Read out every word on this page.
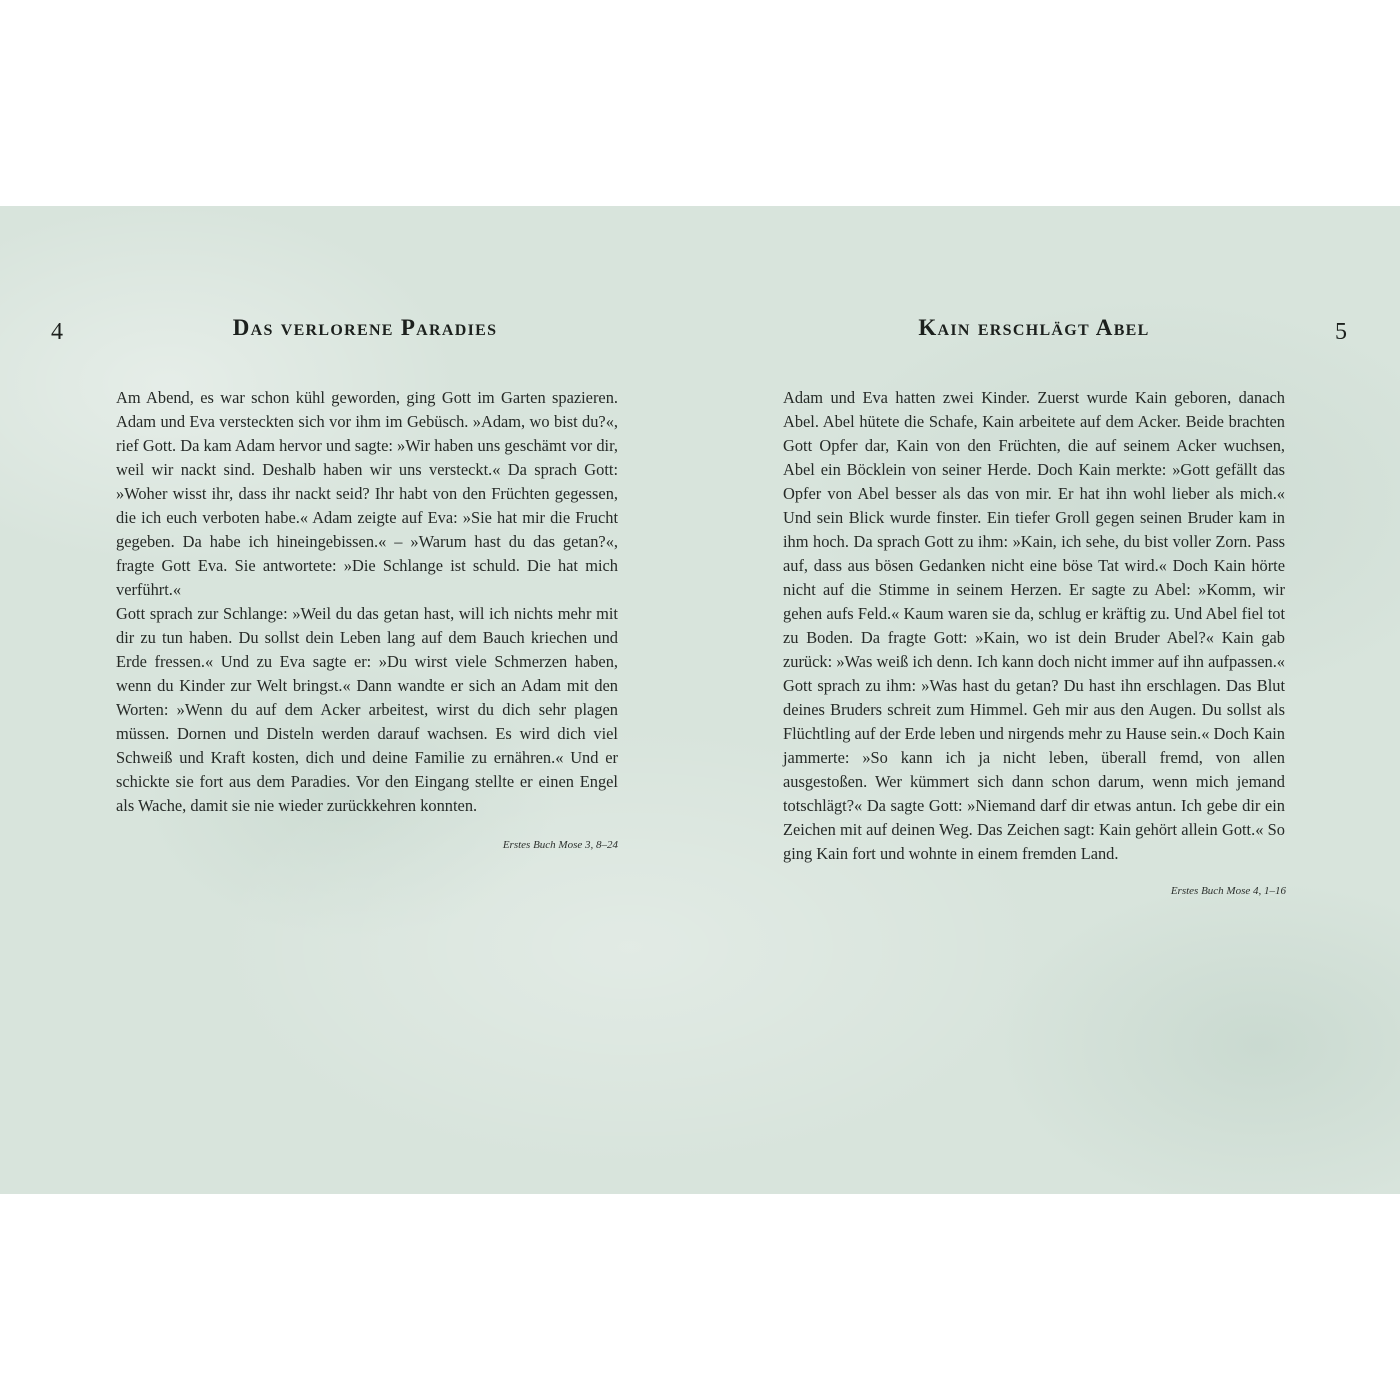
4	Das verlorene Paradies

Am Abend, es war schon kühl geworden, ging Gott im Garten spazieren. Adam und Eva versteckten sich vor ihm im Gebüsch. »Adam, wo bist du?«, rief Gott. Da kam Adam hervor und sagte: »Wir haben uns geschämt vor dir, weil wir nackt sind. Deshalb haben wir uns versteckt.« Da sprach Gott: »Woher wisst ihr, dass ihr nackt seid? Ihr habt von den Früchten gegessen, die ich euch verboten habe.« Adam zeigte auf Eva: »Sie hat mir die Frucht gegeben. Da habe ich hineingebissen.« – »Warum hast du das getan?«, fragte Gott Eva. Sie antwortete: »Die Schlange ist schuld. Die hat mich verführt.«

Gott sprach zur Schlange: »Weil du das getan hast, will ich nichts mehr mit dir zu tun haben. Du sollst dein Leben lang auf dem Bauch kriechen und Erde fressen.« Und zu Eva sagte er: »Du wirst viele Schmerzen haben, wenn du Kinder zur Welt bringst.« Dann wandte er sich an Adam mit den Worten: »Wenn du auf dem Acker arbeitest, wirst du dich sehr plagen müssen. Dornen und Disteln werden darauf wachsen. Es wird dich viel Schweiß und Kraft kosten, dich und deine Familie zu ernähren.« Und er schickte sie fort aus dem Paradies. Vor den Eingang stellte er einen Engel als Wache, damit sie nie wieder zurückkehren konnten.

Erstes Buch Mose 3, 8–24
5
Kain erschlägt Abel

Adam und Eva hatten zwei Kinder. Zuerst wurde Kain geboren, danach Abel. Abel hütete die Schafe, Kain arbeitete auf dem Acker. Beide brachten Gott Opfer dar, Kain von den Früchten, die auf seinem Acker wuchsen, Abel ein Böcklein von seiner Herde. Doch Kain merkte: »Gott gefällt das Opfer von Abel besser als das von mir. Er hat ihn wohl lieber als mich.« Und sein Blick wurde finster. Ein tiefer Groll gegen seinen Bruder kam in ihm hoch. Da sprach Gott zu ihm: »Kain, ich sehe, du bist voller Zorn. Pass auf, dass aus bösen Gedanken nicht eine böse Tat wird.« Doch Kain hörte nicht auf die Stimme in seinem Herzen. Er sagte zu Abel: »Komm, wir gehen aufs Feld.« Kaum waren sie da, schlug er kräftig zu. Und Abel fiel tot zu Boden. Da fragte Gott: »Kain, wo ist dein Bruder Abel?« Kain gab zurück: »Was weiß ich denn. Ich kann doch nicht immer auf ihn aufpassen.« Gott sprach zu ihm: »Was hast du getan? Du hast ihn erschlagen. Das Blut deines Bruders schreit zum Himmel. Geh mir aus den Augen. Du sollst als Flüchtling auf der Erde leben und nirgends mehr zu Hause sein.« Doch Kain jammerte: »So kann ich ja nicht leben, überall fremd, von allen ausgestoßen. Wer kümmert sich dann schon darum, wenn mich jemand totschlägt?« Da sagte Gott: »Niemand darf dir etwas antun. Ich gebe dir ein Zeichen mit auf deinen Weg. Das Zeichen sagt: Kain gehört allein Gott.« So ging Kain fort und wohnte in einem fremden Land.

Erstes Buch Mose 4, 1–16
